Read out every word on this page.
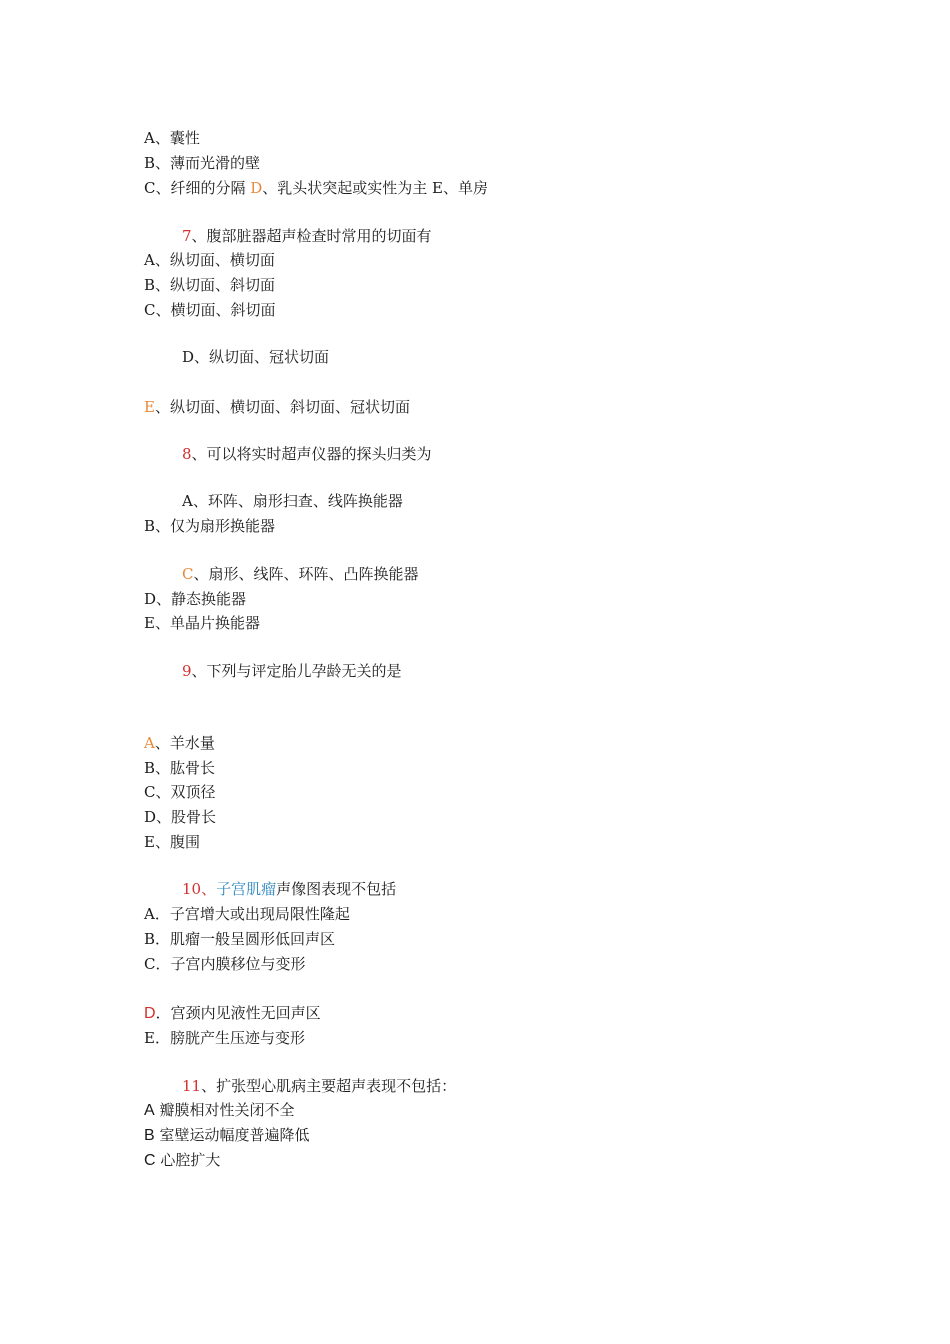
A、囊性
B、薄而光滑的壁
C、纤细的分隔 D、乳头状突起或实性为主 E、单房
7、腹部脏器超声检查时常用的切面有
A、纵切面、横切面
B、纵切面、斜切面
C、横切面、斜切面
D、纵切面、冠状切面
E、纵切面、横切面、斜切面、冠状切面
8、可以将实时超声仪器的探头归类为
A、环阵、扇形扫查、线阵换能器
B、仅为扇形换能器
C、扇形、线阵、环阵、凸阵换能器
D、静态换能器
E、单晶片换能器
9、下列与评定胎儿孕龄无关的是
A、羊水量
B、肱骨长
C、双顶径
D、股骨长
E、腹围
10、子宫肌瘤声像图表现不包括
A．子宫增大或出现局限性隆起
B．肌瘤一般呈圆形低回声区
C．子宫内膜移位与变形
D．宫颈内见液性无回声区
E．膀胱产生压迹与变形
11、扩张型心肌病主要超声表现不包括：
A 瓣膜相对性关闭不全
B 室壁运动幅度普遍降低
C 心腔扩大
